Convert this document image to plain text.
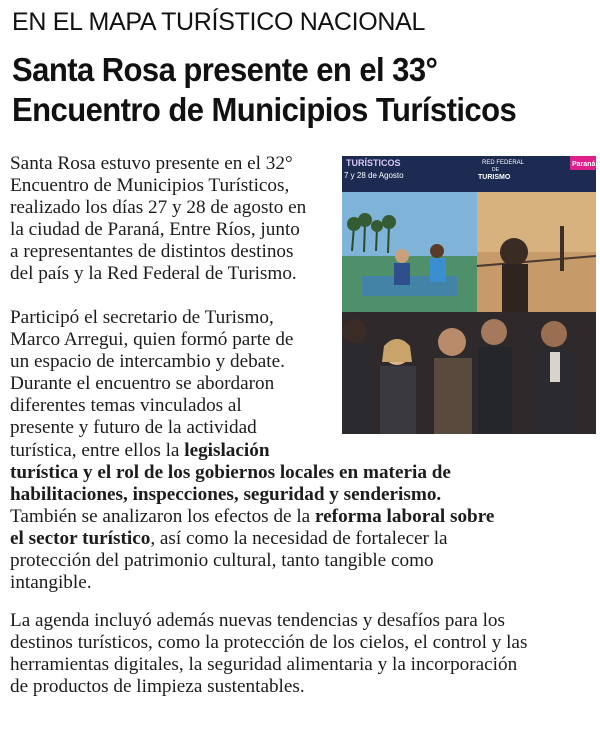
EN EL MAPA TURÍSTICO NACIONAL
Santa Rosa presente en el 33°
Encuentro de Municipios Turísticos
Santa Rosa estuvo presente en el 32°
Encuentro de Municipios Turísticos,
realizado los días 27 y 28 de agosto en
la ciudad de Paraná, Entre Ríos, junto
a representantes de distintos destinos
del país y la Red Federal de Turismo.
Participó el secretario de Turismo,
Marco Arregui, quien formó parte de
un espacio de intercambio y debate.
Durante el encuentro se abordaron
diferentes temas vinculados al
presente y futuro de la actividad
turística, entre ellos la legislación
turística y el rol de los gobiernos locales en materia de
habilitaciones, inspecciones, seguridad y senderismo.
También se analizaron los efectos de la reforma laboral sobre
el sector turístico, así como la necesidad de fortalecer la
protección del patrimonio cultural, tanto tangible como
intangible.
La agenda incluyó además nuevas tendencias y desafíos para los
destinos turísticos, como la protección de los cielos, el control y las
herramientas digitales, la seguridad alimentaria y la incorporación
de productos de limpieza sustentables.
TURÍSTICOS
7 y 28 de Agosto
RED FEDERAL
DE
TURISMO
Paraná
